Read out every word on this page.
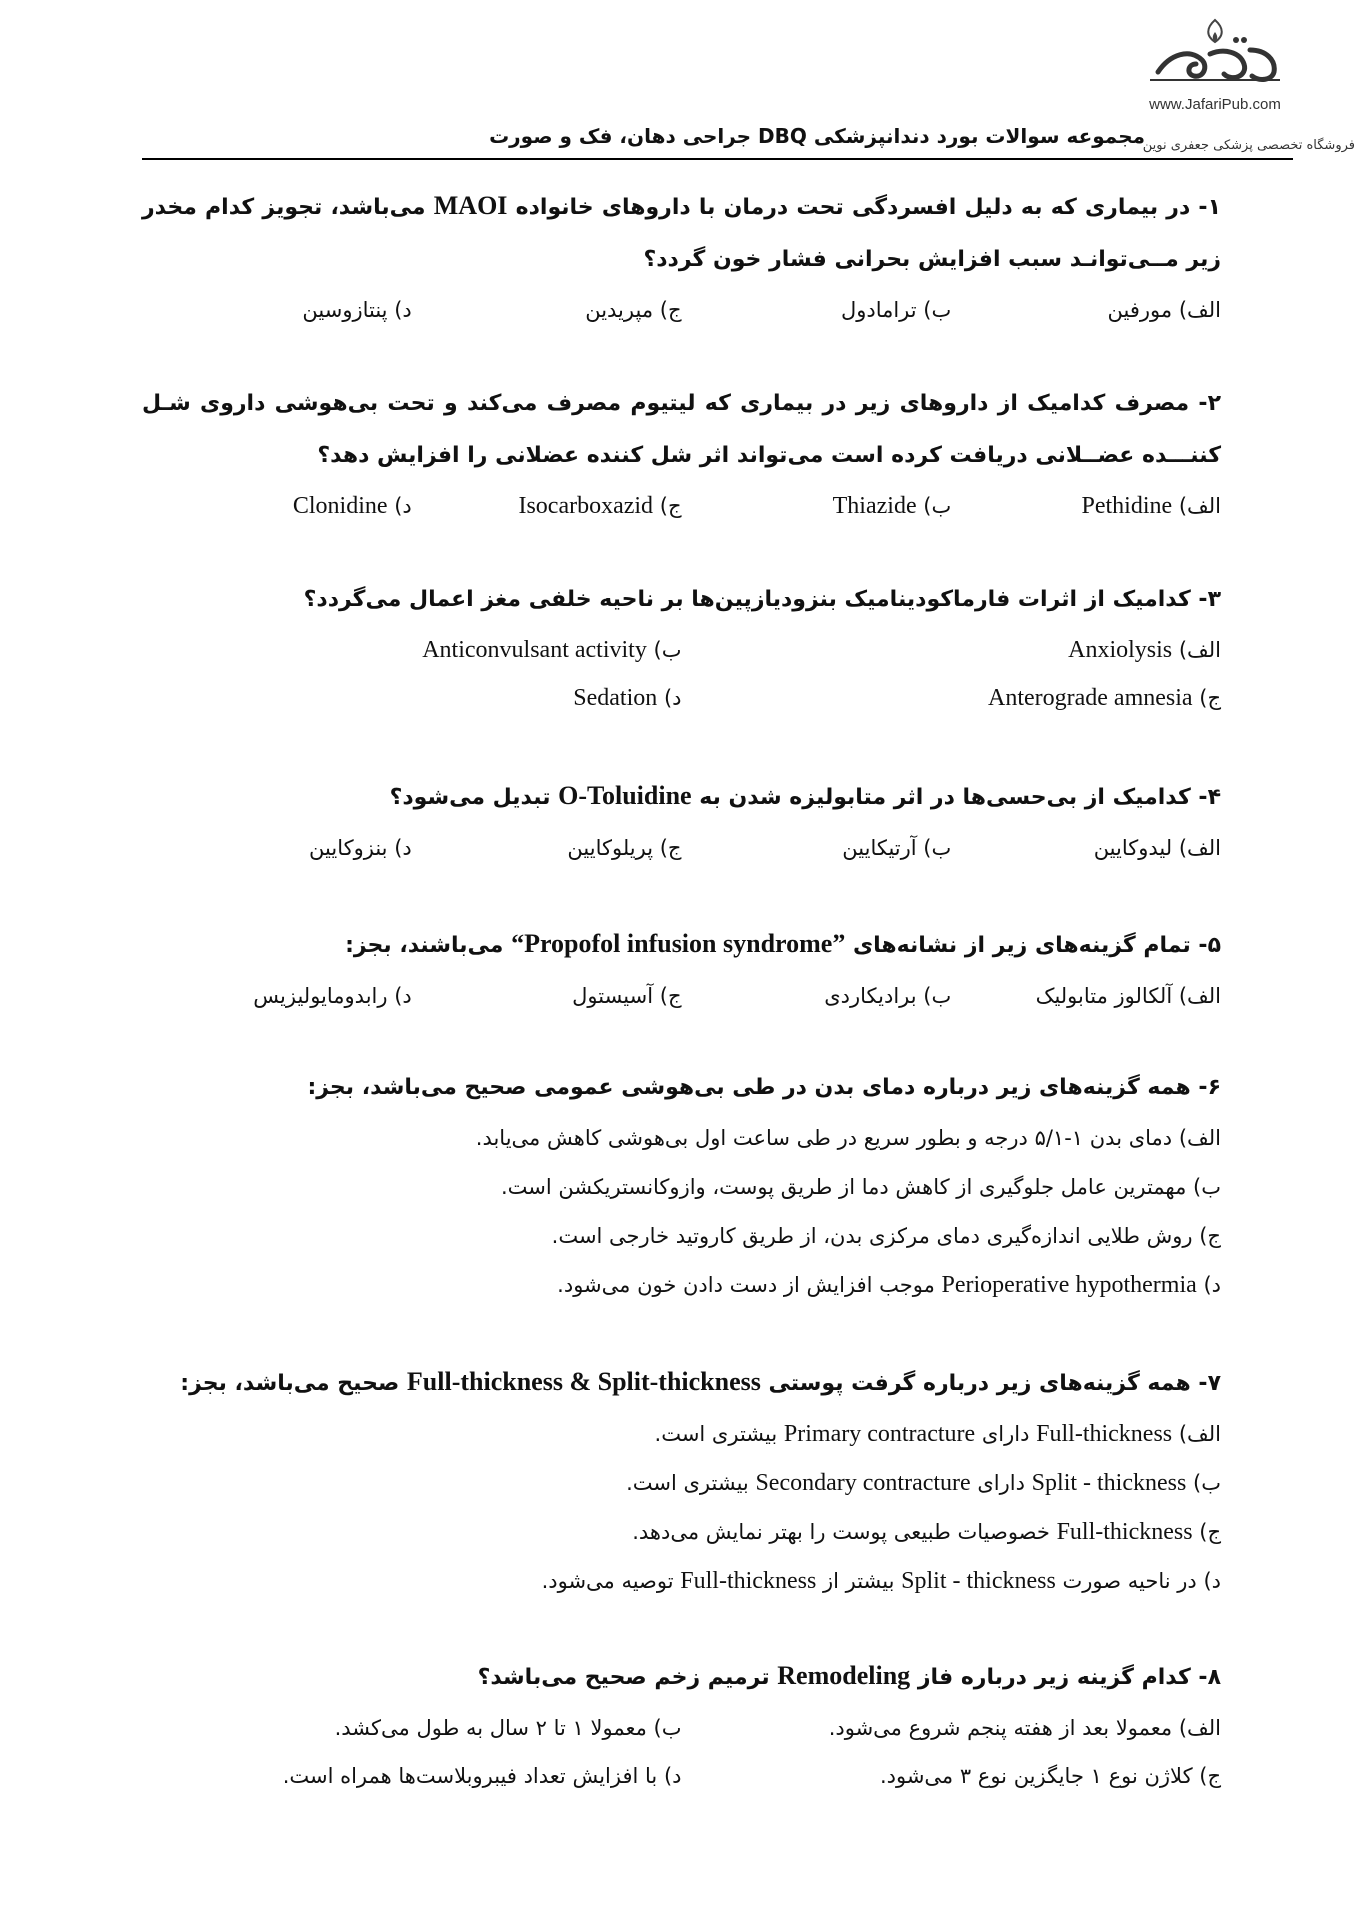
www.JafariPub.com
فروشگاه تخصصی پزشکی جعفری نوین
مجموعه سوالات بورد دندانپزشکی DBQ جراحی دهان، فک و صورت
۱- در بیماری که به دلیل افسردگی تحت درمان با داروهای خانواده MAOI می‌باشد، تجویز کدام مخدر زیر مــی‌توانـد سبب افزایش بحرانی فشار خون گردد؟
الف) مورفین
ب) ترامادول
ج) مپریدین
د) پنتازوسین
۲- مصرف کدامیک از داروهای زیر در بیماری که لیتیوم مصرف می‌کند و تحت بی‌هوشی داروی شـل کننـــده عضــلانی دریافت کرده است می‌تواند اثر شل کننده عضلانی را افزایش دهد؟
الف) Pethidine
ب) Thiazide
ج) Isocarboxazid
د) Clonidine
۳- کدامیک از اثرات فارماکودینامیک بنزودیازپین‌ها بر ناحیه خلفی مغز اعمال می‌گردد؟
الف) Anxiolysis
ب) Anticonvulsant activity
ج) Anterograde amnesia
د) Sedation
۴- کدامیک از بی‌حسی‌ها در اثر متابولیزه شدن به O-Toluidine تبدیل می‌شود؟
الف) لیدوکایین
ب) آرتیکایین
ج) پریلوکایین
د) بنزوکایین
۵- تمام گزینه‌های زیر از نشانه‌های ”Propofol infusion syndrome“ می‌باشند، بجز:
الف) آلکالوز متابولیک
ب) برادیکاردی
ج) آسیستول
د) رابدومایولیزیس
۶- همه گزینه‌های زیر درباره دمای بدن در طی بی‌هوشی عمومی صحیح می‌باشد، بجز:
الف) دمای بدن ۱-۵/۱ درجه و بطور سریع در طی ساعت اول بی‌هوشی کاهش می‌یابد.
ب) مهمترین عامل جلوگیری از کاهش دما از طریق پوست، وازوکانستریکشن است.
ج) روش طلایی اندازه‌گیری دمای مرکزی بدن، از طریق کاروتید خارجی است.
د) Perioperative hypothermia موجب افزایش از دست دادن خون می‌شود.
۷- همه گزینه‌های زیر درباره گرفت پوستی Full-thickness & Split-thickness صحیح می‌باشد، بجز:
الف) Full-thickness دارای Primary contracture بیشتری است.
ب) Split - thickness دارای Secondary contracture بیشتری است.
ج) Full-thickness خصوصیات طبیعی پوست را بهتر نمایش می‌دهد.
د) در ناحیه صورت Split - thickness بیشتر از Full-thickness توصیه می‌شود.
۸- کدام گزینه زیر درباره فاز Remodeling ترمیم زخم صحیح می‌باشد؟
الف) معمولا بعد از هفته پنجم شروع می‌شود.
ب) معمولا ۱ تا ۲ سال به طول می‌کشد.
ج) کلاژن نوع ۱ جایگزین نوع ۳ می‌شود.
د) با افزایش تعداد فیبروبلاست‌ها همراه است.
